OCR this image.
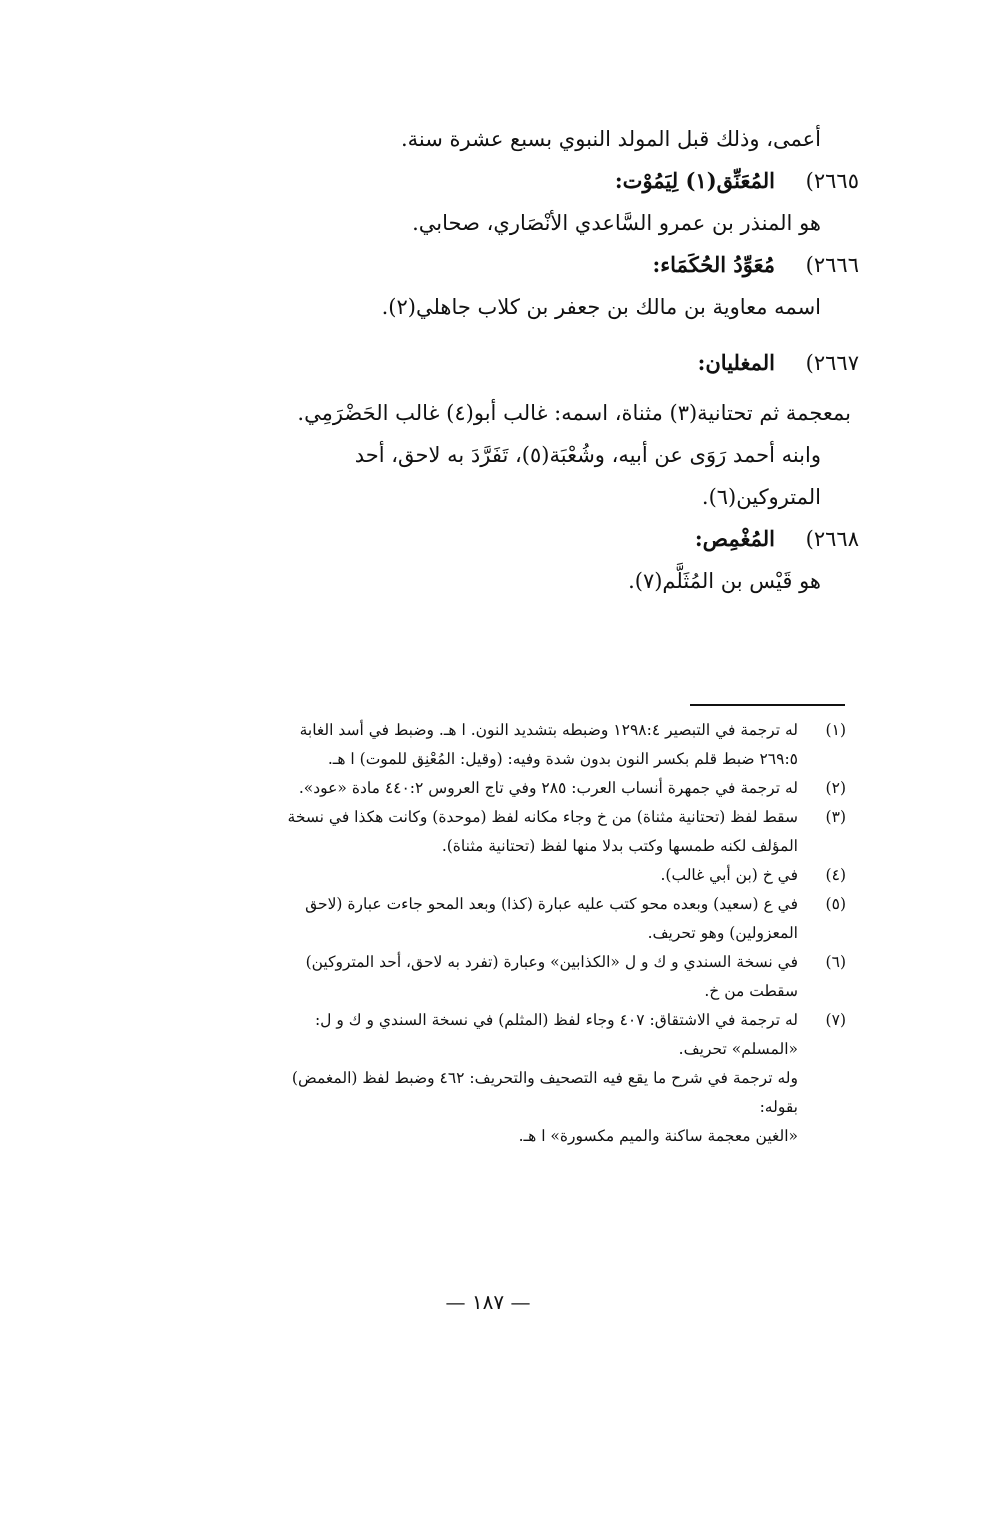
أعمى، وذلك قبل المولد النبوي بسبع عشرة سنة.
٢٦٦٥)
المُعَنِّق(١) لِيَمُوْت:
هو المنذر بن عمرو السَّاعدي الأنْصَاري، صحابي.
٢٦٦٦)
مُعَوِّدُ الحُكَمَاء:
اسمه معاوية بن مالك بن جعفر بن كلاب جاهلي(٢).
٢٦٦٧)
المغليان:
بمعجمة ثم تحتانية(٣) مثناة، اسمه: غالب أبو(٤) غالب الحَضْرَمِي.
وابنه أحمد رَوَى عن أبيه، وشُعْبَة(٥)، تَفَرَّدَ به لاحق، أحد
المتروكين(٦).
٢٦٦٨)
المُغْمِص:
هو قَيْس بن المُثَلَّم(٧).
(١)
له ترجمة في التبصير ١٢٩٨:٤ وضبطه بتشديد النون. ا هـ. وضبط في أسد الغابة
٢٦٩:٥ ضبط قلم بكسر النون بدون شدة وفيه: (وقيل: المُعْنِق للموت) ا هـ.
(٢)
له ترجمة في جمهرة أنساب العرب: ٢٨٥ وفي تاج العروس ٤٤٠:٢ مادة «عود».
(٣)
سقط لفظ (تحتانية مثناة) من خ وجاء مكانه لفظ (موحدة) وكانت هكذا في نسخة
المؤلف لكنه طمسها وكتب بدلا منها لفظ (تحتانية مثناة).
(٤)
في خ (بن أبي غالب).
(٥)
في ع (سعيد) وبعده محو كتب عليه عبارة (كذا) وبعد المحو جاءت عبارة (لاحق
المعزولين) وهو تحريف.
(٦)
في نسخة السندي و ك و ل «الكذابين» وعبارة (تفرد به لاحق، أحد المتروكين)
سقطت من خ.
(٧)
له ترجمة في الاشتقاق: ٤٠٧ وجاء لفظ (المثلم) في نسخة السندي و ك و ل:
«المسلم» تحريف.
وله ترجمة في شرح ما يقع فيه التصحيف والتحريف: ٤٦٢ وضبط لفظ (المغمض)
بقوله:
«الغين معجمة ساكنة والميم مكسورة» ا هـ.
— ١٨٧ —
